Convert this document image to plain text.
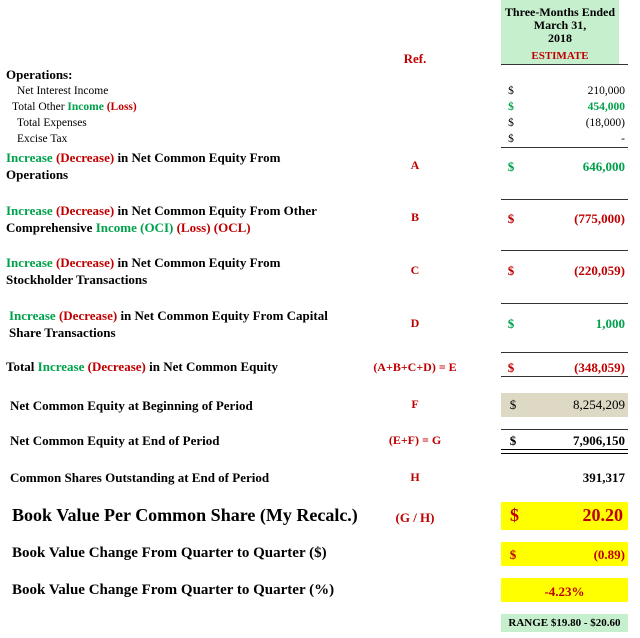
Three-Months Ended
March 31,
2018
ESTIMATE
Ref.
Operations:
Net Interest Income	$	210,000
Total Other Income (Loss)	$	454,000
Total Expenses	$	(18,000)
Excise Tax	$	-
Increase (Decrease) in Net Common Equity From
Operations
A	$	646,000
Increase (Decrease) in Net Common Equity From Other
Comprehensive Income (OCI) (Loss) (OCL)
B	$	(775,000)
Increase (Decrease) in Net Common Equity From
Stockholder Transactions
C	$	(220,059)
Increase (Decrease) in Net Common Equity From Capital
Share Transactions
D	$	1,000
Total Increase (Decrease) in Net Common Equity	(A+B+C+D) = E	$	(348,059)
Net Common Equity at Beginning of Period	F	$	8,254,209
Net Common Equity at End of Period	(E+F) = G	$	7,906,150
Common Shares Outstanding at End of Period	H	391,317
Book Value Per Common Share (My Recalc.)	(G / H)	$	20.20
Book Value Change From Quarter to Quarter ($)	$	(0.89)
Book Value Change From Quarter to Quarter (%)	-4.23%
RANGE $19.80 - $20.60
